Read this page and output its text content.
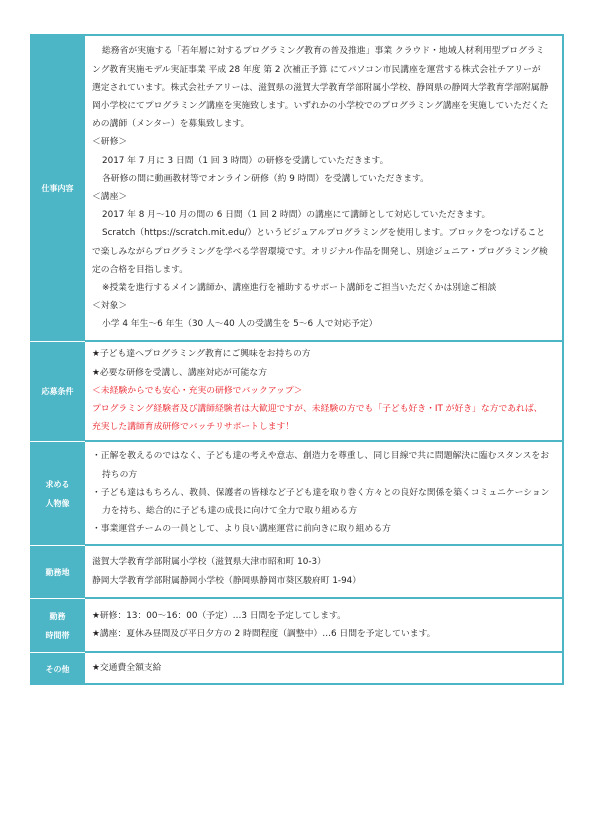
仕事内容
総務省が実施する「若年層に対するプログラミング教育の普及推進」事業 クラウド・地域人材利用型プログラミ
ング教育実施モデル実証事業 平成 28 年度 第 2 次補正予算 にてパソコン市民講座を運営する株式会社チアリーが
選定されています。株式会社チアリーは、滋賀県の滋賀大学教育学部附属小学校、静岡県の静岡大学教育学部附属静
岡小学校にてプログラミング講座を実施致します。いずれかの小学校でのプログラミング講座を実施していただくた
めの講師（メンター）を募集致します。
＜研修＞
2017 年 7 月に 3 日間（1 回 3 時間）の研修を受講していただきます。
各研修の間に動画教材等でオンライン研修（約 9 時間）を受講していただきます。
＜講座＞
2017 年 8 月～10 月の間の 6 日間（1 回 2 時間）の講座にて講師として対応していただきます。
Scratch（https://scratch.mit.edu/）というビジュアルプログラミングを使用します。ブロックをつなげること
で楽しみながらプログラミングを学べる学習環境です。オリジナル作品を開発し、別途ジュニア・プログラミング検
定の合格を目指します。
※授業を進行するメイン講師か、講座進行を補助するサポート講師をご担当いただくかは別途ご相談
＜対象＞
小学 4 年生～6 年生（30 人～40 人の受講生を 5～6 人で対応予定）
応募条件
★子ども達へプログラミング教育にご興味をお持ちの方
★必要な研修を受講し、講座対応が可能な方
＜未経験からでも安心・充実の研修でバックアップ＞
プログラミング経験者及び講師経験者は大歓迎ですが、未経験の方でも「子ども好き・IT が好き」な方であれば、
充実した講師育成研修でバッチリサポートします！
求める
人物像
・正解を教えるのではなく、子ども達の考えや意志、創造力を尊重し、同じ目線で共に問題解決に臨むスタンスをお
持ちの方
・子ども達はもちろん、教員、保護者の皆様など子ども達を取り巻く方々との良好な関係を築くコミュニケーション
力を持ち、総合的に子ども達の成長に向けて全力で取り組める方
・事業運営チームの一員として、より良い講座運営に前向きに取り組める方
勤務地
滋賀大学教育学部附属小学校（滋賀県大津市昭和町 10-3）
静岡大学教育学部附属静岡小学校（静岡県静岡市葵区駿府町 1-94）
勤務
時間帯
★研修：13：00～16：00（予定）…3 日間を予定してします。
★講座：夏休み昼間及び平日夕方の 2 時間程度（調整中）…6 日間を予定しています。
その他	★交通費全額支給
